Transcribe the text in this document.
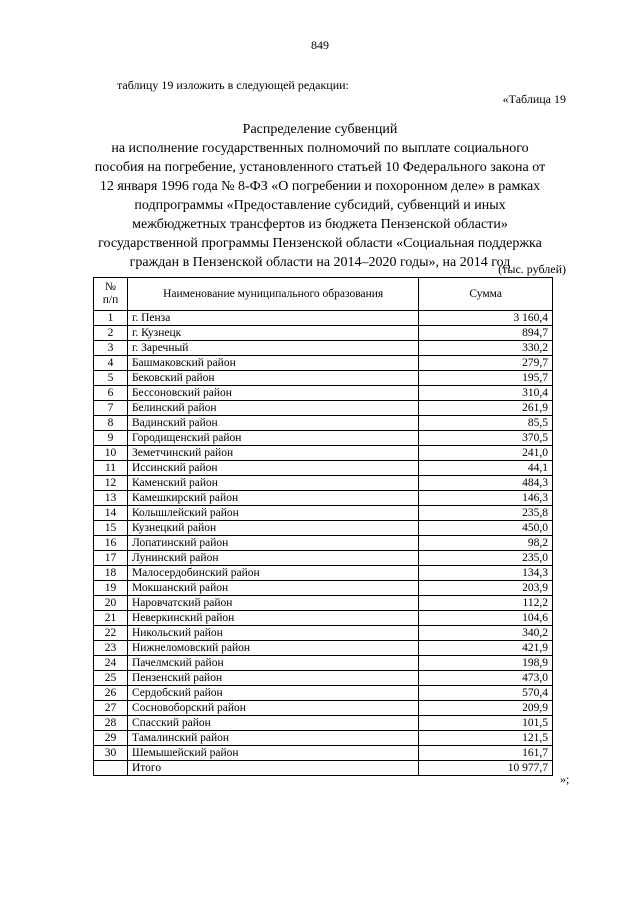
849
таблицу 19 изложить в следующей редакции:
«Таблица 19
Распределение субвенций
на исполнение государственных полномочий по выплате социального
пособия на погребение, установленного статьей 10 Федерального закона от
12 января 1996 года № 8-ФЗ «О погребении и похоронном деле» в рамках
подпрограммы «Предоставление субсидий, субвенций и иных
межбюджетных трансфертов из бюджета Пензенской области»
государственной программы Пензенской области «Социальная поддержка
граждан в Пензенской области на 2014–2020 годы», на 2014 год
(тыс. рублей)
№
п/п	Наименование муниципального образования	Сумма
1	г. Пенза	3 160,4
2	г. Кузнецк	894,7
3	г. Заречный	330,2
4	Башмаковский район	279,7
5	Бековский район	195,7
6	Бессоновский район	310,4
7	Белинский район	261,9
8	Вадинский район	85,5
9	Городищенский район	370,5
10	Земетчинский район	241,0
11	Иссинский район	44,1
12	Каменский район	484,3
13	Камешкирский район	146,3
14	Колышлейский район	235,8
15	Кузнецкий район	450,0
16	Лопатинский район	98,2
17	Лунинский район	235,0
18	Малосердобинский район	134,3
19	Мокшанский район	203,9
20	Наровчатский район	112,2
21	Неверкинский район	104,6
22	Никольский район	340,2
23	Нижнеломовский район	421,9
24	Пачелмский район	198,9
25	Пензенский район	473,0
26	Сердобский район	570,4
27	Сосновоборский район	209,9
28	Спасский район	101,5
29	Тамалинский район	121,5
30	Шемышейский район	161,7
	Итого	10 977,7
»;
